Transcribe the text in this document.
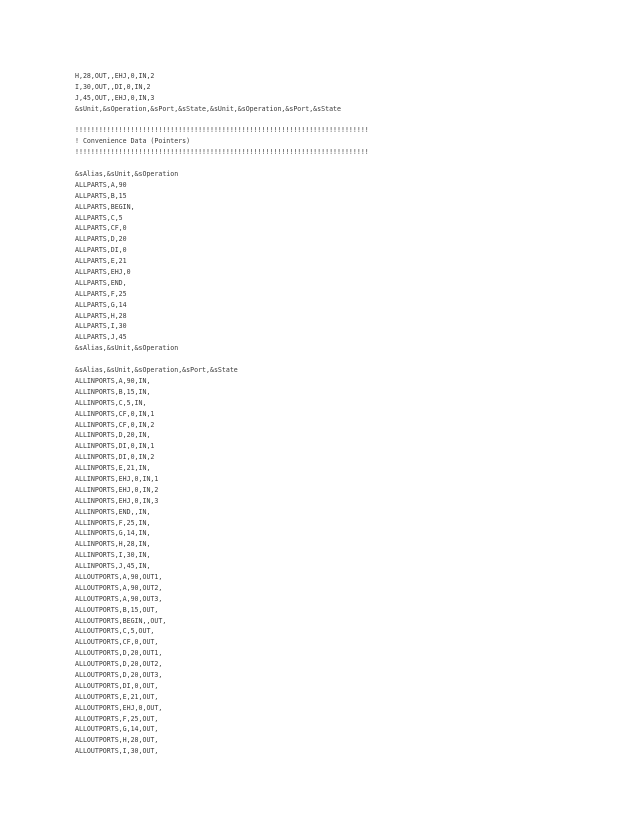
H,28,OUT,,EHJ,0,IN,2
I,30,OUT,,DI,0,IN,2
J,45,OUT,,EHJ,0,IN,3
&sUnit,&sOperation,&sPort,&sState,&sUnit,&sOperation,&sPort,&sState
!!!!!!!!!!!!!!!!!!!!!!!!!!!!!!!!!!!!!!!!!!!!!!!!!!!!!!!!!!!!!!!!!!!!!!!!!!
! Convenience Data (Pointers)
!!!!!!!!!!!!!!!!!!!!!!!!!!!!!!!!!!!!!!!!!!!!!!!!!!!!!!!!!!!!!!!!!!!!!!!!!!
&sAlias,&sUnit,&sOperation
ALLPARTS,A,90
ALLPARTS,B,15
ALLPARTS,BEGIN,
ALLPARTS,C,5
ALLPARTS,CF,0
ALLPARTS,D,20
ALLPARTS,DI,0
ALLPARTS,E,21
ALLPARTS,EHJ,0
ALLPARTS,END,
ALLPARTS,F,25
ALLPARTS,G,14
ALLPARTS,H,28
ALLPARTS,I,30
ALLPARTS,J,45
&sAlias,&sUnit,&sOperation
&sAlias,&sUnit,&sOperation,&sPort,&sState
ALLINPORTS,A,90,IN,
ALLINPORTS,B,15,IN,
ALLINPORTS,C,5,IN,
ALLINPORTS,CF,0,IN,1
ALLINPORTS,CF,0,IN,2
ALLINPORTS,D,20,IN,
ALLINPORTS,DI,0,IN,1
ALLINPORTS,DI,0,IN,2
ALLINPORTS,E,21,IN,
ALLINPORTS,EHJ,0,IN,1
ALLINPORTS,EHJ,0,IN,2
ALLINPORTS,EHJ,0,IN,3
ALLINPORTS,END,,IN,
ALLINPORTS,F,25,IN,
ALLINPORTS,G,14,IN,
ALLINPORTS,H,28,IN,
ALLINPORTS,I,30,IN,
ALLINPORTS,J,45,IN,
ALLOUTPORTS,A,90,OUT1,
ALLOUTPORTS,A,90,OUT2,
ALLOUTPORTS,A,90,OUT3,
ALLOUTPORTS,B,15,OUT,
ALLOUTPORTS,BEGIN,,OUT,
ALLOUTPORTS,C,5,OUT,
ALLOUTPORTS,CF,0,OUT,
ALLOUTPORTS,D,20,OUT1,
ALLOUTPORTS,D,20,OUT2,
ALLOUTPORTS,D,20,OUT3,
ALLOUTPORTS,DI,0,OUT,
ALLOUTPORTS,E,21,OUT,
ALLOUTPORTS,EHJ,0,OUT,
ALLOUTPORTS,F,25,OUT,
ALLOUTPORTS,G,14,OUT,
ALLOUTPORTS,H,28,OUT,
ALLOUTPORTS,I,30,OUT,
